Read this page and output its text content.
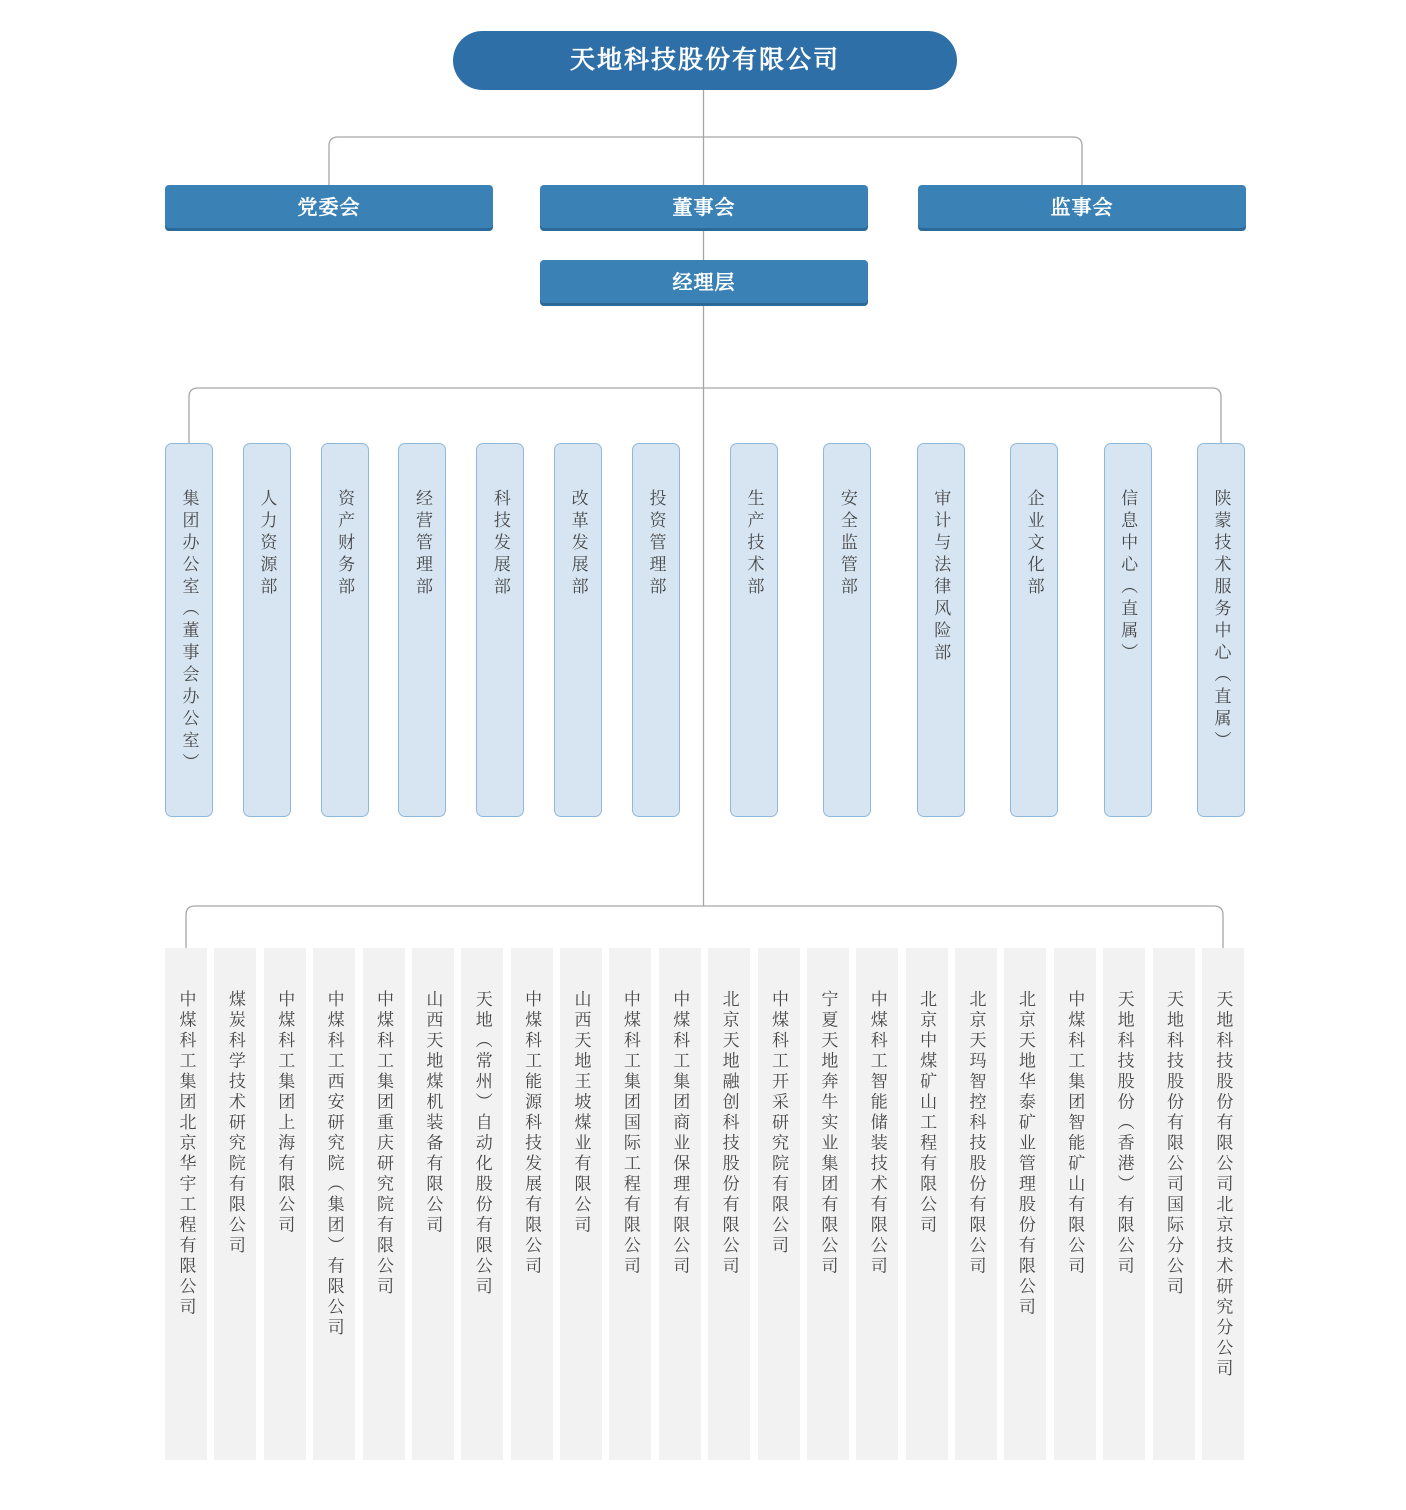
天地科技股份有限公司
党委会	董事会	监事会
经理层
集团办公室（董事会办公室）	人力资源部	资产财务部	经营管理部	科技发展部	改革发展部	投资管理部	生产技术部	安全监管部	审计与法律风险部	企业文化部	信息中心（直属）	陕蒙技术服务中心（直属）
中煤科工集团北京华宇工程有限公司 煤炭科学技术研究院有限公司 中煤科工集团上海有限公司 中煤科工西安研究院（集团）有限公司 中煤科工集团重庆研究院有限公司 山西天地煤机装备有限公司 天地（常州）自动化股份有限公司 中煤科工能源科技发展有限公司 山西天地王坡煤业有限公司 中煤科工集团国际工程有限公司 中煤科工集团商业保理有限公司 北京天地融创科技股份有限公司 中煤科工开采研究院有限公司 宁夏天地奔牛实业集团有限公司 中煤科工智能储装技术有限公司 北京中煤矿山工程有限公司 北京天玛智控科技股份有限公司 北京天地华泰矿业管理股份有限公司 中煤科工集团智能矿山有限公司 天地科技股份（香港）有限公司 天地科技股份有限公司国际分公司 天地科技股份有限公司北京技术研究分公司
